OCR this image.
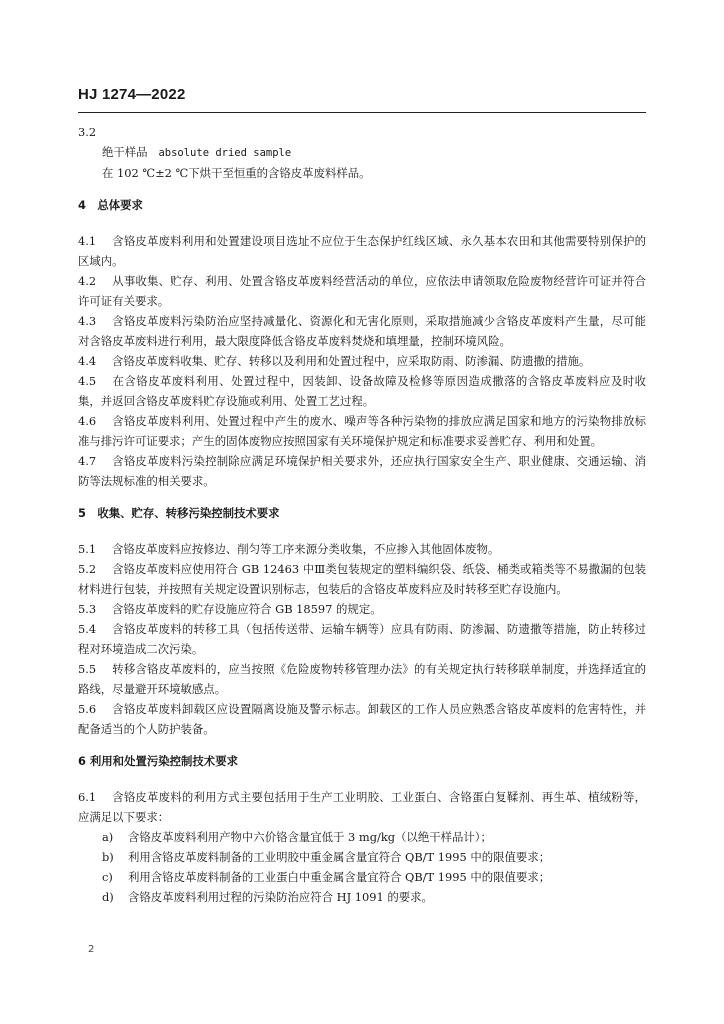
HJ 1274—2022

3.2

绝干样品 absolute dried sample

在 102 ℃±2 ℃下烘干至恒重的含铬皮革废料样品。

4　总体要求

4.1 含铬皮革废料利用和处置建设项目选址不应位于生态保护红线区域、永久基本农田和其他需要特别保护的区域内。

4.2 从事收集、贮存、利用、处置含铬皮革废料经营活动的单位，应依法申请领取危险废物经营许可证并符合许可证有关要求。

4.3 含铬皮革废料污染防治应坚持减量化、资源化和无害化原则，采取措施减少含铬皮革废料产生量，尽可能对含铬皮革废料进行利用，最大限度降低含铬皮革废料焚烧和填埋量，控制环境风险。

4.4 含铬皮革废料收集、贮存、转移以及利用和处置过程中，应采取防雨、防渗漏、防遗撒的措施。

4.5 在含铬皮革废料利用、处置过程中，因装卸、设备故障及检修等原因造成撒落的含铬皮革废料应及时收集，并返回含铬皮革废料贮存设施或利用、处置工艺过程。

4.6 含铬皮革废料利用、处置过程中产生的废水、噪声等各种污染物的排放应满足国家和地方的污染物排放标准与排污许可证要求；产生的固体废物应按照国家有关环境保护规定和标准要求妥善贮存、利用和处置。

4.7 含铬皮革废料污染控制除应满足环境保护相关要求外，还应执行国家安全生产、职业健康、交通运输、消防等法规标准的相关要求。

5　收集、贮存、转移污染控制技术要求

5.1 含铬皮革废料应按修边、削匀等工序来源分类收集，不应掺入其他固体废物。

5.2 含铬皮革废料应使用符合 GB 12463 中Ⅲ类包装规定的塑料编织袋、纸袋、桶类或箱类等不易撒漏的包装材料进行包装，并按照有关规定设置识别标志，包装后的含铬皮革废料应及时转移至贮存设施内。

5.3 含铬皮革废料的贮存设施应符合 GB 18597 的规定。

5.4 含铬皮革废料的转移工具（包括传送带、运输车辆等）应具有防雨、防渗漏、防遗撒等措施，防止转移过程对环境造成二次污染。

5.5 转移含铬皮革废料的，应当按照《危险废物转移管理办法》的有关规定执行转移联单制度，并选择适宜的路线，尽量避开环境敏感点。

5.6 含铬皮革废料卸载区应设置隔离设施及警示标志。卸载区的工作人员应熟悉含铬皮革废料的危害特性，并配备适当的个人防护装备。

6 利用和处置污染控制技术要求

6.1 含铬皮革废料的利用方式主要包括用于生产工业明胶、工业蛋白、含铬蛋白复鞣剂、再生革、植绒粉等，应满足以下要求：

a) 含铬皮革废料利用产物中六价铬含量宜低于 3 mg/kg（以绝干样品计）；

b) 利用含铬皮革废料制备的工业明胶中重金属含量宜符合 QB/T 1995 中的限值要求；

c) 利用含铬皮革废料制备的工业蛋白中重金属含量宜符合 QB/T 1995 中的限值要求；

d) 含铬皮革废料利用过程的污染防治应符合 HJ 1091 的要求。

2
